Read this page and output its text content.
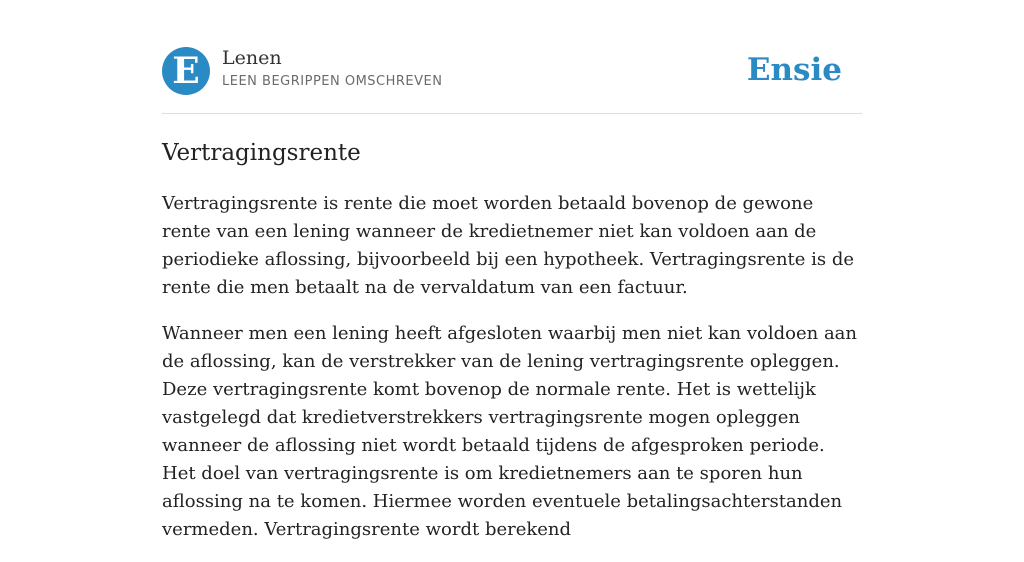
E	Lenen
LEEN BEGRIPPEN OMSCHREVEN	Ensie
Vertragingsrente

Vertragingsrente is rente die moet worden betaald bovenop de gewone rente van een lening wanneer de kredietnemer niet kan voldoen aan de periodieke aflossing, bijvoorbeeld bij een hypotheek. Vertragingsrente is de rente die men betaalt na de vervaldatum van een factuur.

Wanneer men een lening heeft afgesloten waarbij men niet kan voldoen aan de aflossing, kan de verstrekker van de lening vertragingsrente opleggen. Deze vertragingsrente komt bovenop de normale rente. Het is wettelijk vastgelegd dat kredietverstrekkers vertragingsrente mogen opleggen wanneer de aflossing niet wordt betaald tijdens de afgesproken periode. Het doel van vertragingsrente is om kredietnemers aan te sporen hun aflossing na te komen. Hiermee worden eventuele betalingsachterstanden vermeden. Vertragingsrente wordt berekend
